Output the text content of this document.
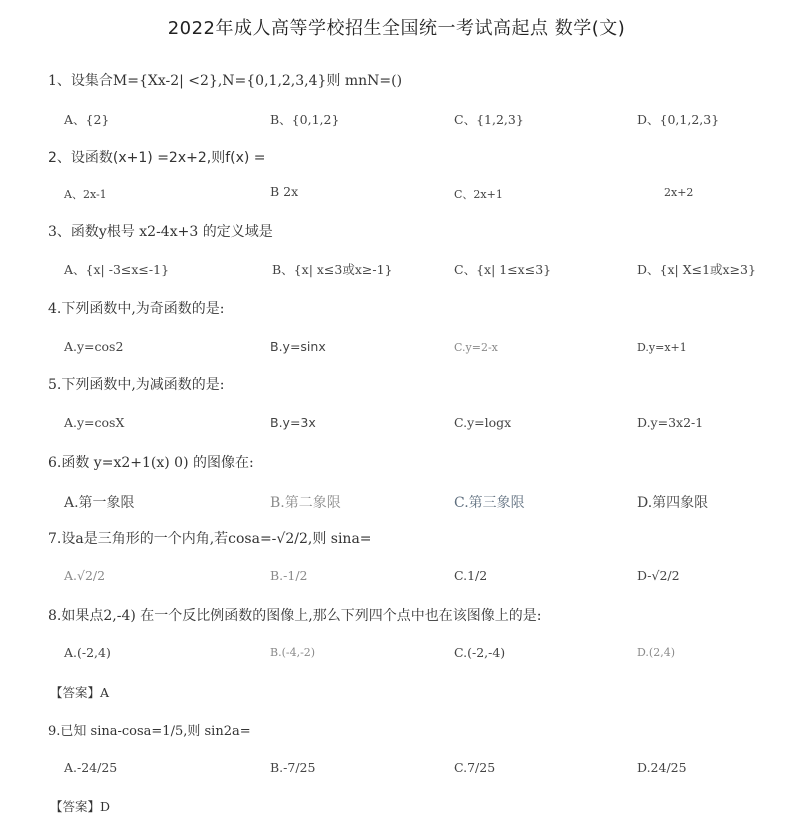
2022年成人高等学校招生全国统一考试高起点 数学(文)
1、设集合M={Xx-2| <2},N={0,1,2,3,4}则 mnN=()
A、{2}	B、{0,1,2}	C、{1,2,3}	D、{0,1,2,3}
2、设函数(x+1) =2x+2,则f(x) =
A、2x-1	B 2x	C、2x+1	2x+2
3、函数y根号 x2-4x+3 的定义域是
A、{x| -3≤x≤-1}	B、{x| x≤3或x≥-1}	C、{x| 1≤x≤3}	D、{x| X≤1或x≥3}
4.下列函数中,为奇函数的是:
A.y=cos2	B.y=sinx	C.y=2-x	D.y=x+1
5.下列函数中,为减函数的是:
A.y=cosX	B.y=3x	C.y=logx	D.y=3x2-1
6.函数 y=x2+1(x) 0) 的图像在:
A.第一象限	B.第二象限	C.第三象限	D.第四象限
7.设a是三角形的一个内角,若cosa=-√2/2,则 sina=
A.√2/2	B.-1/2	C.1/2	D-√2/2
8.如果点2,-4) 在一个反比例函数的图像上,那么下列四个点中也在该图像上的是:
A.(-2,4)	B.(-4,-2)	C.(-2,-4)	D.(2,4)
【答案】A
9.已知 sina-cosa=1/5,则 sin2a=
A.-24/25	B.-7/25	C.7/25	D.24/25
【答案】D
